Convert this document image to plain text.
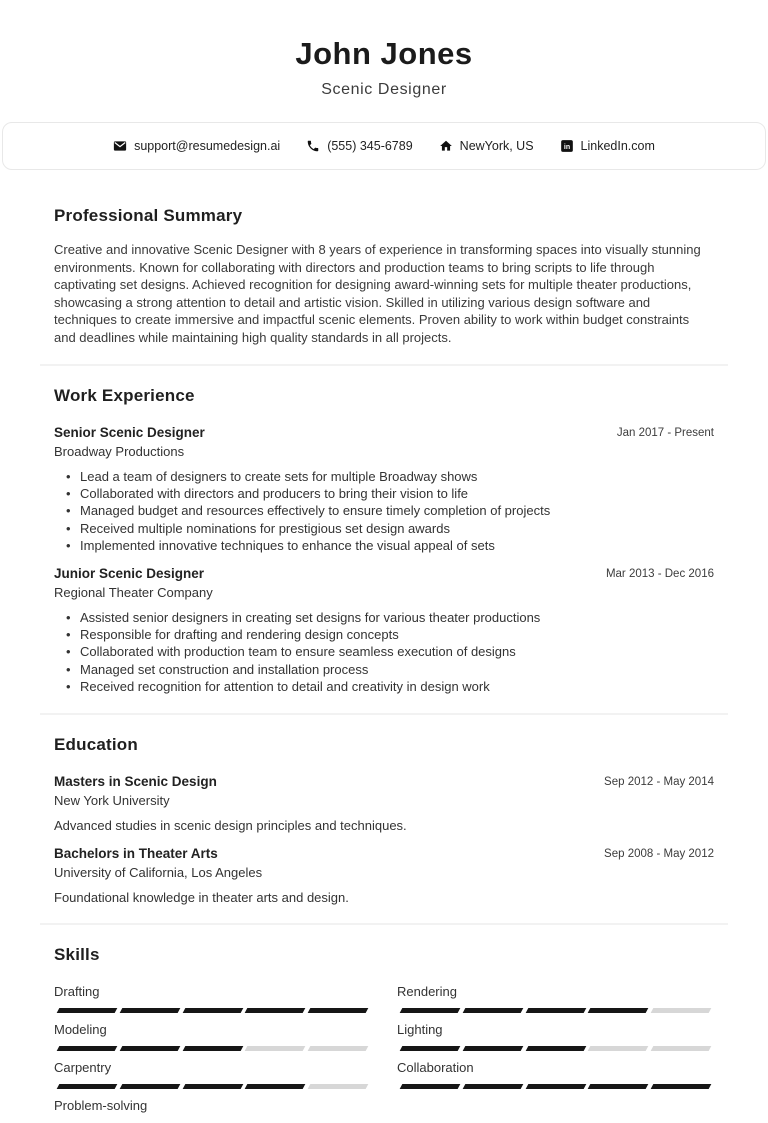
John Jones
Scenic Designer
support@resumedesign.ai	(555) 345-6789	NewYork, US in LinkedIn.com
Professional Summary

Creative and innovative Scenic Designer with 8 years of experience in transforming spaces into visually stunning environments. Known for collaborating with directors and production teams to bring scripts to life through captivating set designs. Achieved recognition for designing award-winning sets for multiple theater productions, showcasing a strong attention to detail and artistic vision. Skilled in utilizing various design software and techniques to create immersive and impactful scenic elements. Proven ability to work within budget constraints and deadlines while maintaining high quality standards in all projects.

Work Experience
Senior Scenic Designer
Broadway Productions
Jan 2017 - Present
• Lead a team of designers to create sets for multiple Broadway shows
• Collaborated with directors and producers to bring their vision to life
• Managed budget and resources effectively to ensure timely completion of projects
• Received multiple nominations for prestigious set design awards
• Implemented innovative techniques to enhance the visual appeal of sets
Junior Scenic Designer
Regional Theater Company
Mar 2013 - Dec 2016
• Assisted senior designers in creating set designs for various theater productions
• Responsible for drafting and rendering design concepts
• Collaborated with production team to ensure seamless execution of designs
• Managed set construction and installation process
• Received recognition for attention to detail and creativity in design work
Education
Masters in Scenic Design
New York University
Sep 2012 - May 2014
Advanced studies in scenic design principles and techniques.
Bachelors in Theater Arts
University of California, Los Angeles
Sep 2008 - May 2012
Foundational knowledge in theater arts and design.
Skills
Drafting	Rendering
Modeling	Lighting
Carpentry	Collaboration
Problem-solving
